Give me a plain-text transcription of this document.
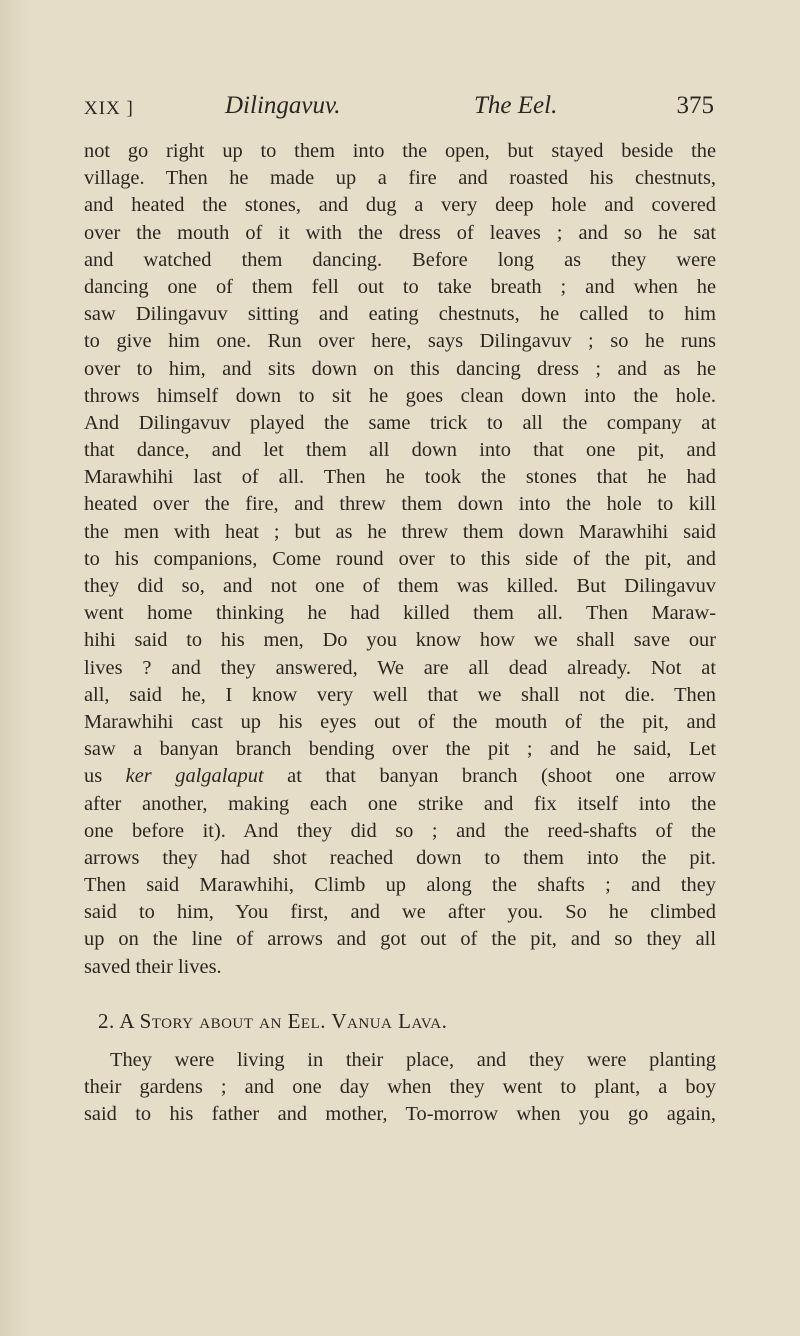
XIX ]	Dilingavuv.	The Eel.	375
not go right up to them into the open, but stayed beside the
village. Then he made up a fire and roasted his chestnuts,
and heated the stones, and dug a very deep hole and covered
over the mouth of it with the dress of leaves ; and so he sat
and watched them dancing. Before long as they were
dancing one of them fell out to take breath ; and when he
saw Dilingavuv sitting and eating chestnuts, he called to him
to give him one. Run over here, says Dilingavuv ; so he runs
over to him, and sits down on this dancing dress ; and as he
throws himself down to sit he goes clean down into the hole.
And Dilingavuv played the same trick to all the company at
that dance, and let them all down into that one pit, and
Marawhihi last of all. Then he took the stones that he had
heated over the fire, and threw them down into the hole to kill
the men with heat ; but as he threw them down Marawhihi said
to his companions, Come round over to this side of the pit, and
they did so, and not one of them was killed. But Dilingavuv
went home thinking he had killed them all. Then Maraw-
hihi said to his men, Do you know how we shall save our
lives ? and they answered, We are all dead already. Not at
all, said he, I know very well that we shall not die. Then
Marawhihi cast up his eyes out of the mouth of the pit, and
saw a banyan branch bending over the pit ; and he said, Let
us ker galgalaput at that banyan branch (shoot one arrow
after another, making each one strike and fix itself into the
one before it). And they did so ; and the reed-shafts of the
arrows they had shot reached down to them into the pit.
Then said Marawhihi, Climb up along the shafts ; and they
said to him, You first, and we after you. So he climbed
up on the line of arrows and got out of the pit, and so they all
saved their lives.
2. A Story about an Eel. Vanua Lava.
They were living in their place, and they were planting
their gardens ; and one day when they went to plant, a boy
said to his father and mother, To-morrow when you go again,
